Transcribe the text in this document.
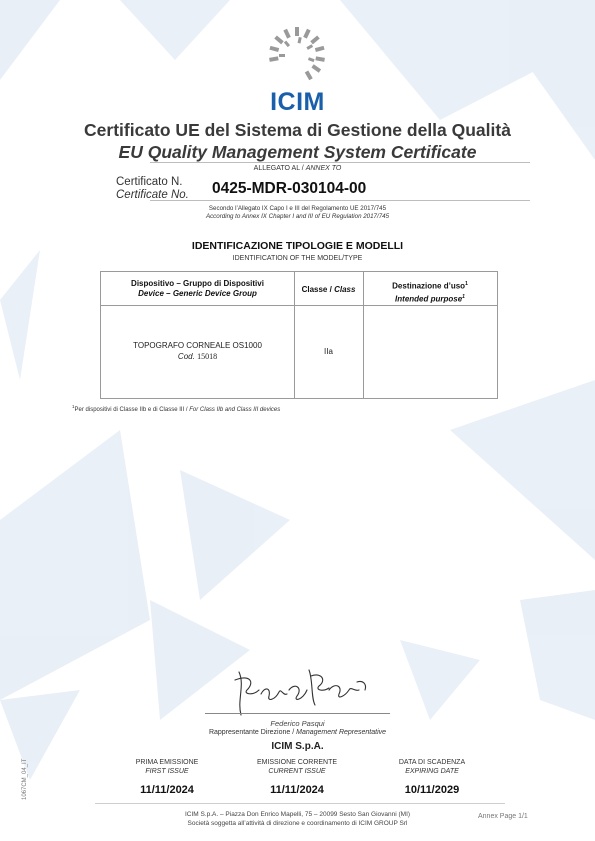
ICIM
Certificato UE del Sistema di Gestione della Qualità
EU Quality Management System Certificate
ALLEGATO AL / ANNEX TO
Certificato N.
Certificate No. 0425-MDR-030104-00
Secondo l’Allegato IX Capo I e III del Regolamento UE 2017/745
According to Annex IX Chapter I and III of EU Regulation 2017/745
IDENTIFICAZIONE TIPOLOGIE E MODELLI
IDENTIFICATION OF THE MODEL/TYPE
Dispositivo – Gruppo di Dispositivi
Device – Generic Device Group	Classe / Class	Destinazione d’uso$^1$
Intended purpose$^1$
TOPOGRAFO CORNEALE OS1000
Cod. 15018
IIa
$^1$Per dispositivi di Classe IIb e di Classe III / For Class IIb and Class III devices
Federico Pasqui
Rappresentante Direzione / Management Representative
ICIM S.p.A.
1067CM_04_IT	PRIMA EMISSIONE
FIRST ISSUE
11/11/2024
EMISSIONE CORRENTE
CURRENT ISSUE
11/11/2024
DATA DI SCADENZA
EXPIRING DATE
10/11/2029
ICIM S.p.A. – Piazza Don Enrico Mapelli, 75 – 20099 Sesto San Giovanni (MI)
Società soggetta all’attività di direzione e coordinamento di ICIM GROUP Srl
Annex Page 1/1
